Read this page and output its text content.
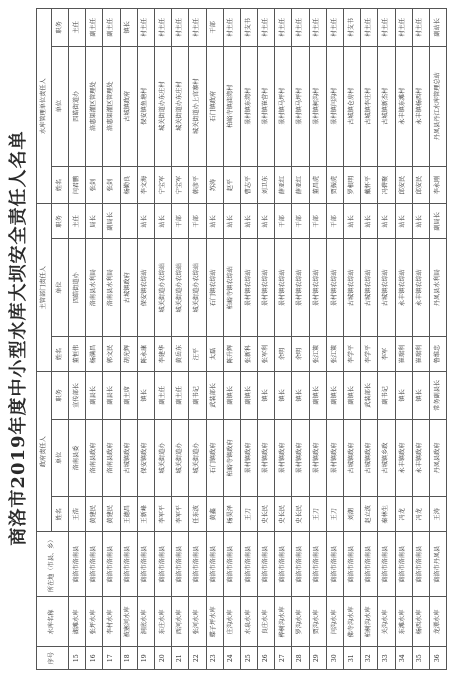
商洛市2019年度中小型水库大坝安全责任人名单
序号	水库名称	所在地（市县、乡）	政府责任人			主管部门责任人			水库管理单位责任人		
			姓名	单位	职务	姓名	单位	职务	姓名	单位	职务
15	湖滩水库	商洛市洛南县	王浩	洛南县委	宣传部长	董恒伟	四皓街道办	主任	闫君鹏	四皓街道办	主任
16	张坪水库	商洛市洛南县	黄建民	洛南县政府	副县长	杨满昌	洛南县水利局	局长	张剑	洛惠渠灌区管理处	副主任
17	李村水库	商洛市洛南县	黄建民	洛南县政府	副县长	郭文民	洛南县水利局	副局长	张剑	洛惠渠灌区管理处	副主任
18	被塞河水库	商洛市洛南县	王德昌	古城镇政府	副主席	胡光辉	古城镇政府		杨勤良	古城镇政府	镇长
19	洞底水库	商洛市洛南县	王新峰	保安镇政府	镇长	陈永康	保安镇农综站	站长	李文海	保安镇鱼塘村	村主任
20	东庄水库	商洛市洛南县	李军平	城关街道办	副主任	李建华	城关街道办农综站	站长	宁宝军	城关街道办东庄村	村主任
21	西河水库	商洛市洛南县	李军平	城关街道办	副主任	黄岳东	城关街道办农综站	干部	宁宝军	城关街道办东庄村	村主任
22	张河水库	商洛市洛南县	任东波	城关街道办	副书记	汪平	城关街道办农综站	干部	韩彦平	城关街道办上官寨村	村主任
23	蝶子坪水库	商洛市洛南县	黄鑫	石门镇政府	武装部长	太磊	石门镇农综站	站长	苏涛	石门镇政府	干部
24	庄沟水库	商洛市洛南县	杨昊泽	柏峪寺镇政府	副镇长	陈升辉	柏峪寺镇农综站	站长	赵平	柏峪寺镇庙湾村	村主任
25	水泉水库	商洛市洛南县	王刀	景村镇政府	副镇长	张新科	景村镇农综站	站长	曹志平	景村镇东湾村	村支书
26	良庄水库	商洛市洛南县	史长民	景村镇政府	镇长	张军利	景村镇农综站	站长	刘卫东	景村镇崔营村	村主任
27	桦树沟水库	商洛市洛南县	史长民	景村镇政府	镇长	余明	景村镇农综站	干部	薛亚红	景村镇马坪村	村主任
28	罗沟水库	商洛市洛南县	史长民	景村镇政府	镇长	余明	景村镇农综站	干部	薛亚红	景村镇马坪村	村主任
29	贾沟水库	商洛市洛南县	王刀	景村镇政府	副镇长	张江策	景村镇农综站	干部	董昌虎	景村镇柯沟村	村主任
30	闫沟水库	商洛市洛南县	王刀	景村镇政府	副镇长	张江策	景村镇农综站	干部	贾振虎	景村镇闫沟村	村主任
31	佛寺沟水库	商洛市洛南县	刘潮	古城镇政府	副镇长	李学平	古城镇农综站	站长	罗根明	古城镇仓房村	村支书
32	柏树沟水库	商洛市洛南县	赵立波	古城镇政府	武装部长	李学平	古城镇农综站	站长	戴怀平	古城镇李庄村	村主任
33	关沟水库	商洛市洛南县	秦林生	古城镇乡政	副书记	李军	古城镇农综站	站长	冯碧聚	古城镇新杰村	村主任
34	东滩水库	商洛市洛南县	冯龙	永丰镇政府	镇长	崔瑞利	永丰镇农综站	站长	邱安民	永丰镇东滩村	村主任
35	杨西水库	商洛市洛南县	冯龙	永丰镇政府	镇长	崔瑞利	永丰镇农综站	站长	邱安民	永丰镇杨西村	村主任
36	龙潭水库	商洛市丹凤县	王涛	丹凤县政府	常务副县长	鲁维忠	丹凤县水利局	副局长	李永刚	丹凤县丹江水库管理总站	副站长
